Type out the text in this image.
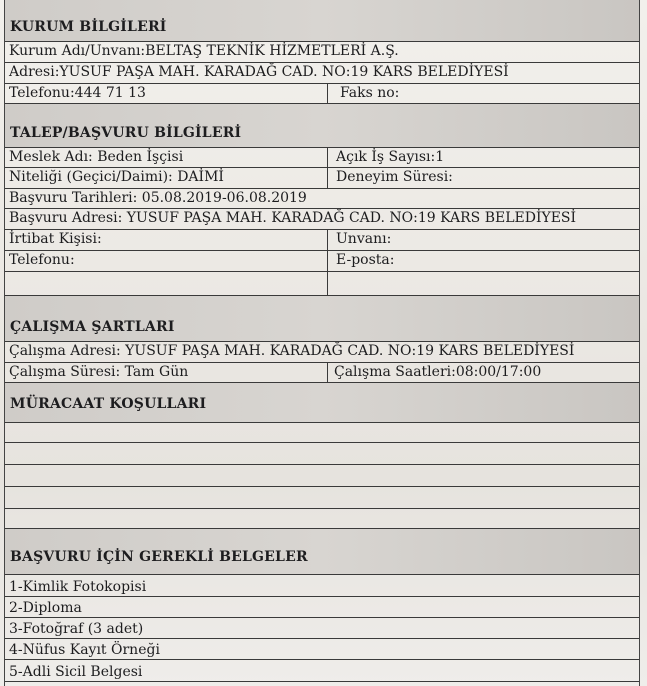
KURUM BİLGİLERİ
Kurum Adı/Unvanı:BELTAŞ TEKNİK HİZMETLERİ A.Ş.
Adresi:YUSUF PAŞA MAH. KARADAĞ CAD. NO:19 KARS BELEDİYESİ
Telefonu:444 71 13	Faks no:
TALEP/BAŞVURU BİLGİLERİ
Meslek Adı: Beden İşçisi	Açık İş Sayısı:1
Niteliği (Geçici/Daimi): DAİMİ	Deneyim Süresi:
Başvuru Tarihleri: 05.08.2019-06.08.2019
Başvuru Adresi: YUSUF PAŞA MAH. KARADAĞ CAD. NO:19 KARS BELEDİYESİ
İrtibat Kişisi:	Unvanı:
Telefonu:	E-posta:
ÇALIŞMA ŞARTLARI
Çalışma Adresi: YUSUF PAŞA MAH. KARADAĞ CAD. NO:19 KARS BELEDİYESİ
Çalışma Süresi: Tam Gün	Çalışma Saatleri:08:00/17:00
MÜRACAAT KOŞULLARI
BAŞVURU İÇİN GEREKLİ BELGELER
1-Kimlik Fotokopisi
2-Diploma
3-Fotoğraf (3 adet)
4-Nüfus Kayıt Örneği
5-Adli Sicil Belgesi
